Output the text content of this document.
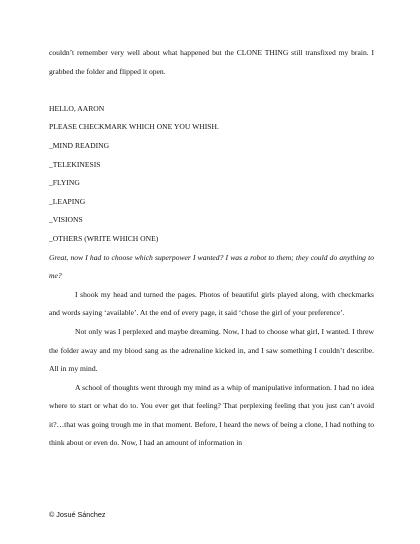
couldn’t remember very well about what happened but the CLONE THING still transfixed my brain. I grabbed the folder and flipped it open.

HELLO, AARON

PLEASE CHECKMARK WHICH ONE YOU WHISH.

_MIND READING

_TELEKINESIS

_FLYING

_LEAPING

_VISIONS

_OTHERS (WRITE WHICH ONE)

Great, now I had to choose which superpower I wanted? I was a robot to them; they could do anything to me?

I shook my head and turned the pages. Photos of beautiful girls played along, with checkmarks and words saying ‘available’. At the end of every page, it said ‘chose the girl of your preference’.

Not only was I perplexed and maybe dreaming. Now, I had to choose what girl, I wanted. I threw the folder away and my blood sang as the adrenaline kicked in, and I saw something I couldn’t describe. All in my mind.

A school of thoughts went through my mind as a whip of manipulative information. I had no idea where to start or what do to. You ever get that feeling? That perplexing feeling that you just can’t avoid it?…that was going trough me in that moment. Before, I heard the news of being a clone, I had nothing to think about or even do. Now, I had an amount of information in

© Josué Sánchez
